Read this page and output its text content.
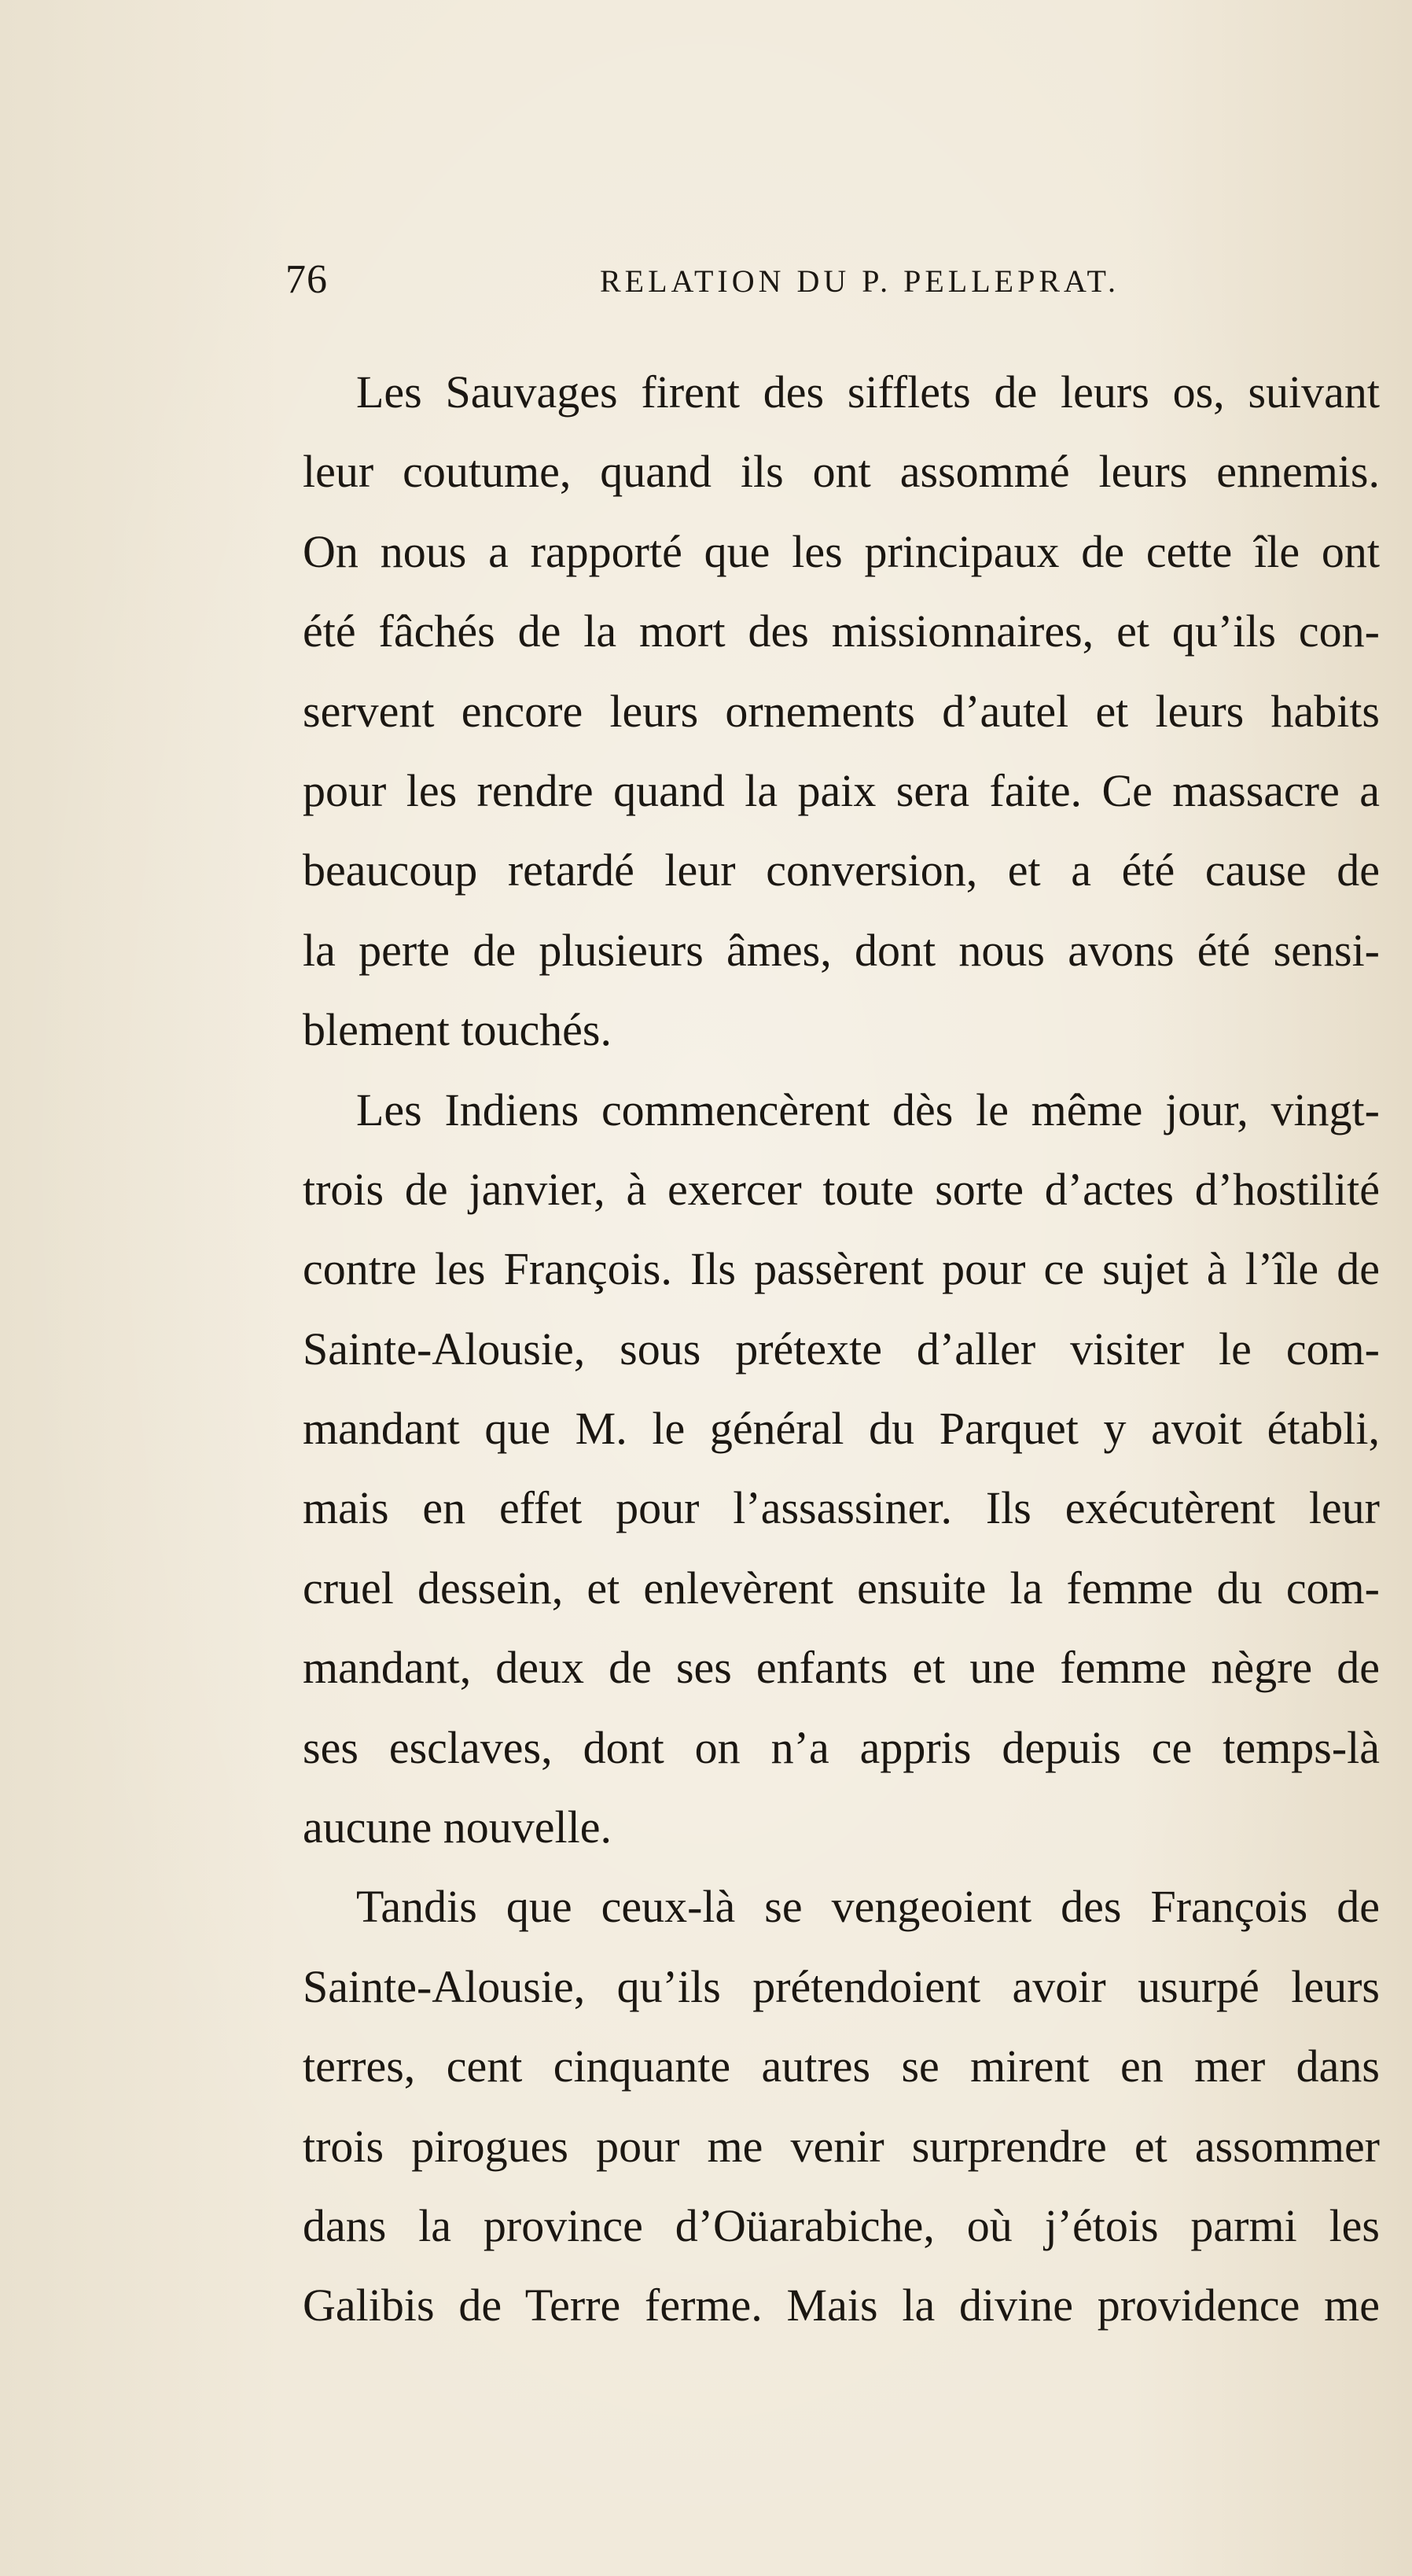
76	RELATION DU P. PELLEPRAT.
Les Sauvages firent des sifflets de leurs os, suivant
leur coutume, quand ils ont assommé leurs ennemis.
On nous a rapporté que les principaux de cette île ont
été fâchés de la mort des missionnaires, et qu’ils con-
servent encore leurs ornements d’autel et leurs habits
pour les rendre quand la paix sera faite. Ce massacre a
beaucoup retardé leur conversion, et a été cause de
la perte de plusieurs âmes, dont nous avons été sensi-
blement touchés.
Les Indiens commencèrent dès le même jour, vingt-
trois de janvier, à exercer toute sorte d’actes d’hostilité
contre les François. Ils passèrent pour ce sujet à l’île de
Sainte-Alousie, sous prétexte d’aller visiter le com-
mandant que M. le général du Parquet y avoit établi,
mais en effet pour l’assassiner. Ils exécutèrent leur
cruel dessein, et enlevèrent ensuite la femme du com-
mandant, deux de ses enfants et une femme nègre de
ses esclaves, dont on n’a appris depuis ce temps-là
aucune nouvelle.
Tandis que ceux-là se vengeoient des François de
Sainte-Alousie, qu’ils prétendoient avoir usurpé leurs
terres, cent cinquante autres se mirent en mer dans
trois pirogues pour me venir surprendre et assommer
dans la province d’Oüarabiche, où j’étois parmi les
Galibis de Terre ferme. Mais la divine providence me
